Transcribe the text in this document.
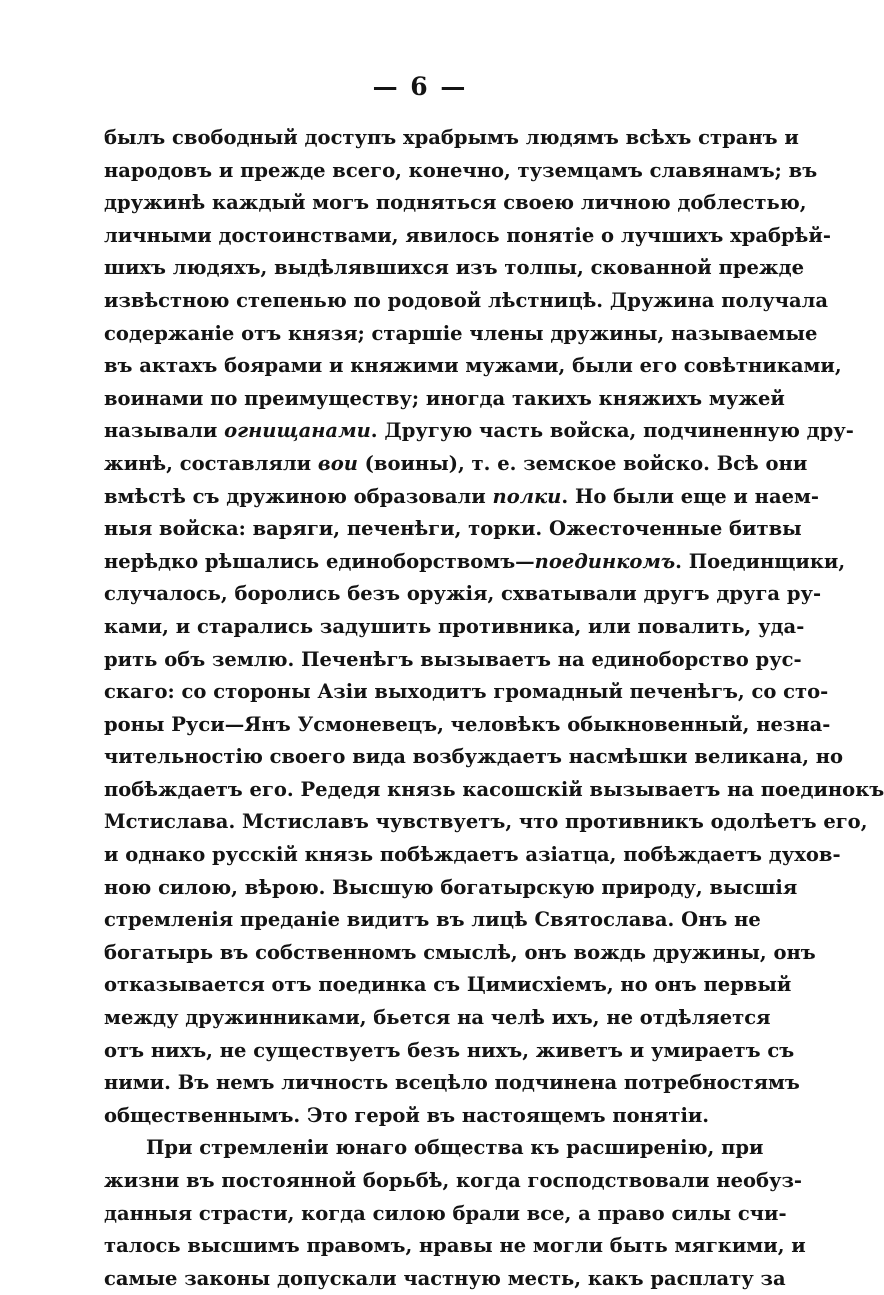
— 6 —
былъ свободный доступъ храбрымъ людямъ всѣхъ странъ и
народовъ и прежде всего, конечно, туземцамъ славянамъ; въ
дружинѣ каждый могъ подняться своею личною доблестью,
личными достоинствами, явилось понятіе о лучшихъ храбрѣй-
шихъ людяхъ, выдѣлявшихся изъ толпы, скованной прежде
извѣстною степенью по родовой лѣстницѣ. Дружина получала
содержаніе отъ князя; старшіе члены дружины, называемые
въ актахъ боярами и княжими мужами, были его совѣтниками,
воинами по преимуществу; иногда такихъ княжихъ мужей
называли огнищанами. Другую часть войска, подчиненную дру-
жинѣ, составляли вои (воины), т. е. земское войско. Всѣ они
вмѣстѣ съ дружиною образовали полки. Но были еще и наем-
ныя войска: варяги, печенѣги, торки. Ожесточенные битвы
нерѣдко рѣшались единоборствомъ—поединкомъ. Поединщики,
случалось, боролись безъ оружія, схватывали другъ друга ру-
ками, и старались задушить противника, или повалить, уда-
рить объ землю. Печенѣгъ вызываетъ на единоборство рус-
скаго: со стороны Азіи выходитъ громадный печенѣгъ, со сто-
роны Руси—Янъ Усмоневецъ, человѣкъ обыкновенный, незна-
чительностію своего вида возбуждаетъ насмѣшки великана, но
побѣждаетъ его. Редедя князь касошскій вызываетъ на поединокъ
Мстислава. Мстиславъ чувствуетъ, что противникъ одолѣетъ его,
и однако русскій князь побѣждаетъ азіатца, побѣждаетъ духов-
ною силою, вѣрою. Высшую богатырскую природу, высшія
стремленія преданіе видитъ въ лицѣ Святослава. Онъ не
богатырь въ собственномъ смыслѣ, онъ вождь дружины, онъ
отказывается отъ поединка съ Цимисхіемъ, но онъ первый
между дружинниками, бьется на челѣ ихъ, не отдѣляется
отъ нихъ, не существуетъ безъ нихъ, живетъ и умираетъ съ
ними. Въ немъ личность всецѣло подчинена потребностямъ
общественнымъ. Это герой въ настоящемъ понятіи.
При стремленіи юнаго общества къ расширенію, при
жизни въ постоянной борьбѣ, когда господствовали необуз-
данныя страсти, когда силою брали все, а право силы счи-
талось высшимъ правомъ, нравы не могли быть мягкими, и
самые законы допускали частную месть, какъ расплату за
